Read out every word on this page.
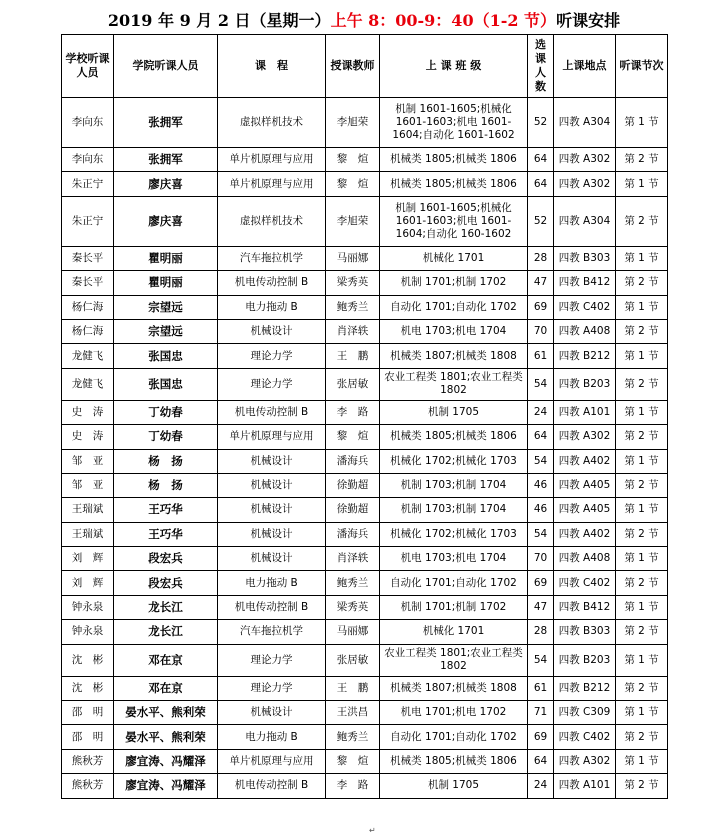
2019 年 9 月 2 日（星期一）上午 8：00-9：40（1-2 节）听课安排
学校听课人员	学院听课人员	课　程	授课教师	上 课 班 级	选课人数	上课地点	听课节次
李向东	张拥军	虚拟样机技术	李旭荣	机制 1601-1605;机械化 1601-1603;机电 1601-1604;自动化 1601-1602	52	四教 A304	第 1 节
李向东	张拥军	单片机原理与应用	黎　煊	机械类 1805;机械类 1806	64	四教 A302	第 2 节
朱正宁	廖庆喜	单片机原理与应用	黎　煊	机械类 1805;机械类 1806	64	四教 A302	第 1 节
朱正宁	廖庆喜	虚拟样机技术	李旭荣	机制 1601-1605;机械化 1601-1603;机电 1601-1604;自动化 160-1602	52	四教 A304	第 2 节
秦长平	瞿明丽	汽车拖拉机学	马丽娜	机械化 1701	28	四教 B303	第 1 节
秦长平	瞿明丽	机电传动控制 B	梁秀英	机制 1701;机制 1702	47	四教 B412	第 2 节
杨仁海	宗望远	电力拖动 B	鲍秀兰	自动化 1701;自动化 1702	69	四教 C402	第 1 节
杨仁海	宗望远	机械设计	肖泽轶	机电 1703;机电 1704	70	四教 A408	第 2 节
龙健飞	张国忠	理论力学	王　鹏	机械类 1807;机械类 1808	61	四教 B212	第 1 节
龙健飞	张国忠	理论力学	张居敏	农业工程类 1801;农业工程类 1802	54	四教 B203	第 2 节
史　涛	丁幼春	机电传动控制 B	李　路	机制 1705	24	四教 A101	第 1 节
史　涛	丁幼春	单片机原理与应用	黎　煊	机械类 1805;机械类 1806	64	四教 A302	第 2 节
邹　亚	杨　扬	机械设计	潘海兵	机械化 1702;机械化 1703	54	四教 A402	第 1 节
邹　亚	杨　扬	机械设计	徐勤超	机制 1703;机制 1704	46	四教 A405	第 2 节
王瑞斌	王巧华	机械设计	徐勤超	机制 1703;机制 1704	46	四教 A405	第 1 节
王瑞斌	王巧华	机械设计	潘海兵	机械化 1702;机械化 1703	54	四教 A402	第 2 节
刘　辉	段宏兵	机械设计	肖泽轶	机电 1703;机电 1704	70	四教 A408	第 1 节
刘　辉	段宏兵	电力拖动 B	鲍秀兰	自动化 1701;自动化 1702	69	四教 C402	第 2 节
钟永泉	龙长江	机电传动控制 B	梁秀英	机制 1701;机制 1702	47	四教 B412	第 1 节
钟永泉	龙长江	汽车拖拉机学	马丽娜	机械化 1701	28	四教 B303	第 2 节
沈　彬	邓在京	理论力学	张居敏	农业工程类 1801;农业工程类 1802	54	四教 B203	第 1 节
沈　彬	邓在京	理论力学	王　鹏	机械类 1807;机械类 1808	61	四教 B212	第 2 节
邵　明	晏水平、熊利荣	机械设计	王洪昌	机电 1701;机电 1702	71	四教 C309	第 1 节
邵　明	晏水平、熊利荣	电力拖动 B	鲍秀兰	自动化 1701;自动化 1702	69	四教 C402	第 2 节
熊秋芳	廖宜涛、冯耀泽	单片机原理与应用	黎　煊	机械类 1805;机械类 1806	64	四教 A302	第 1 节
熊秋芳	廖宜涛、冯耀泽	机电传动控制 B	李　路	机制 1705	24	四教 A101	第 2 节
↵
